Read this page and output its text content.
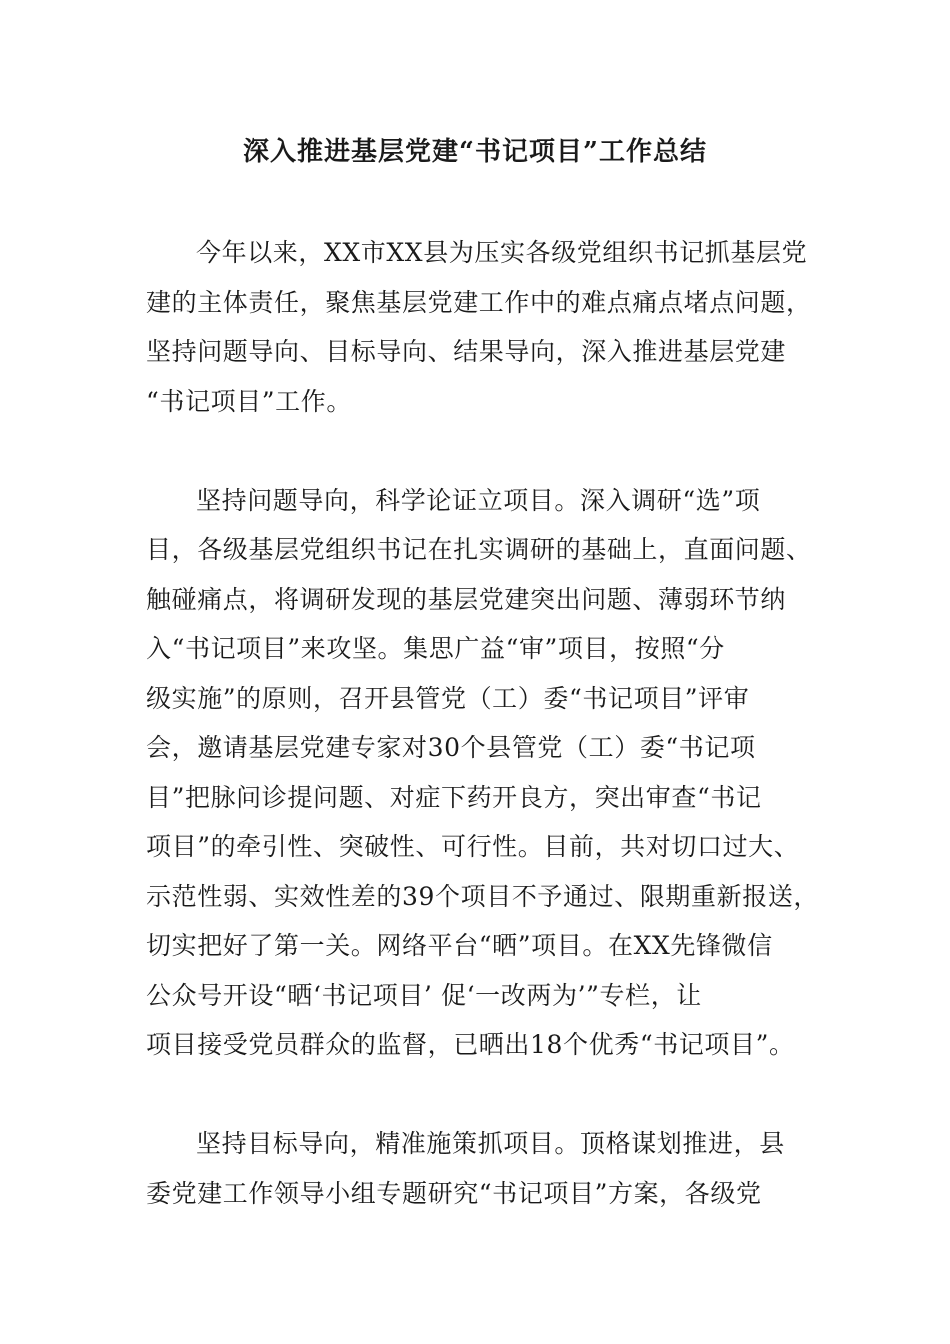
深入推进基层党建“书记项目”工作总结
今年以来，XX市XX县为压实各级党组织书记抓基层党
建的主体责任，聚焦基层党建工作中的难点痛点堵点问题，
坚持问题导向、目标导向、结果导向，深入推进基层党建
“书记项目”工作。
坚持问题导向，科学论证立项目。深入调研“选”项
目，各级基层党组织书记在扎实调研的基础上，直面问题、
触碰痛点，将调研发现的基层党建突出问题、薄弱环节纳
入“书记项目”来攻坚。集思广益“审”项目，按照“分
级实施”的原则，召开县管党（工）委“书记项目”评审
会，邀请基层党建专家对30个县管党（工）委“书记项
目”把脉问诊提问题、对症下药开良方，突出审查“书记
项目”的牵引性、突破性、可行性。目前，共对切口过大、
示范性弱、实效性差的39个项目不予通过、限期重新报送，
切实把好了第一关。网络平台“晒”项目。在XX先锋微信
公众号开设“晒‘书记项目’ 促‘一改两为’”专栏，让
项目接受党员群众的监督，已晒出18个优秀“书记项目”。
坚持目标导向，精准施策抓项目。顶格谋划推进，县
委党建工作领导小组专题研究“书记项目”方案，各级党
